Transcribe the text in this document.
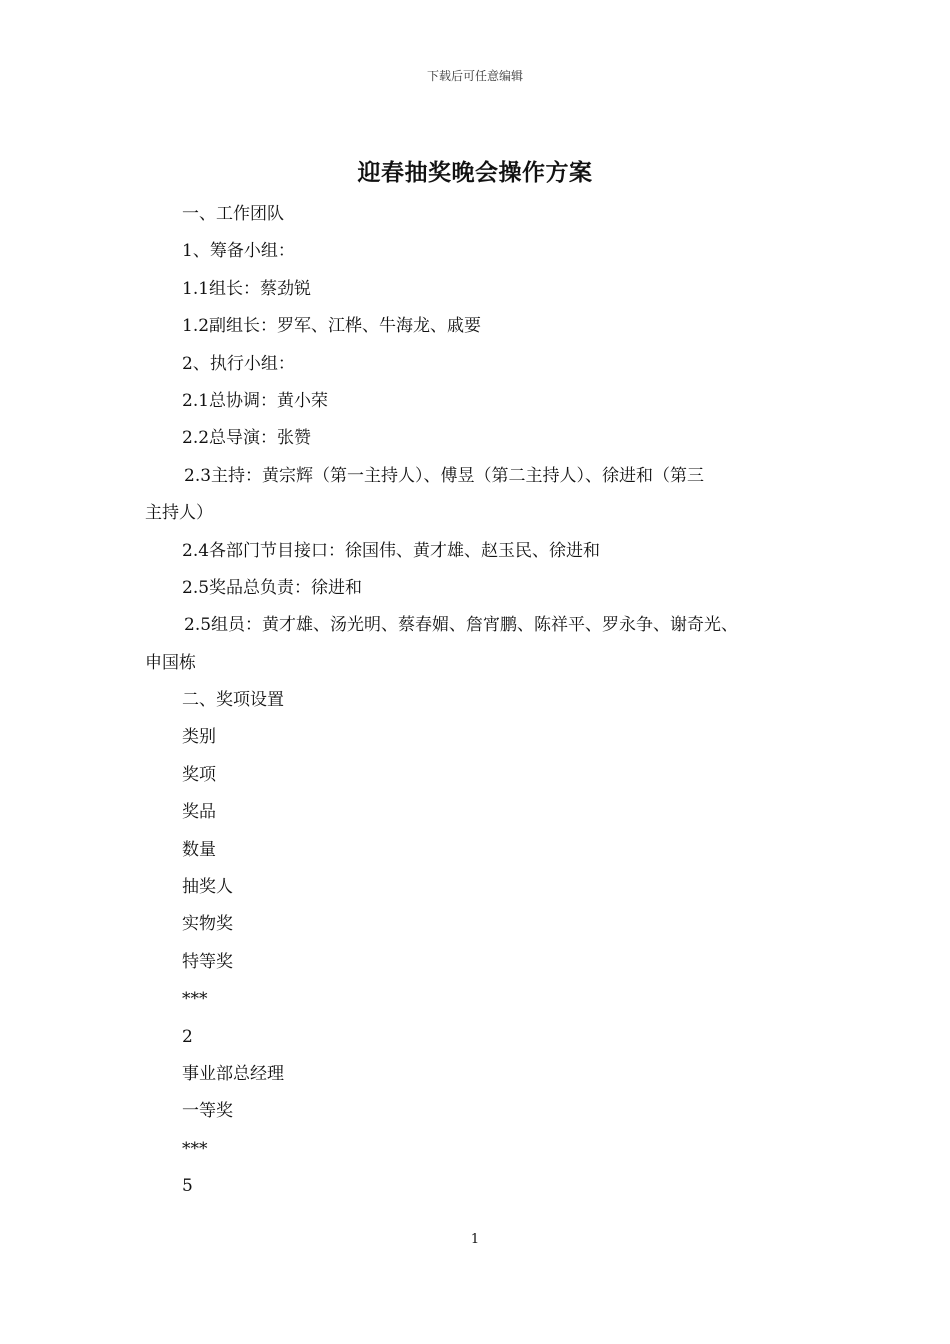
下载后可任意编辑
迎春抽奖晚会操作方案
一、工作团队
1、筹备小组：
1.1组长：蔡劲锐
1.2副组长：罗军、江桦、牛海龙、戚要
2、执行小组：
2.1总协调：黄小荣
2.2总导演：张赞
2.3主持：黄宗辉（第一主持人）、傅昱（第二主持人）、徐进和（第三
主持人）
2.4各部门节目接口：徐国伟、黄才雄、赵玉民、徐进和
2.5奖品总负责：徐进和
2.5组员：黄才雄、汤光明、蔡春媚、詹宵鹏、陈祥平、罗永争、谢奇光、
申国栋
二、奖项设置
类别
奖项
奖品
数量
抽奖人
实物奖
特等奖
***
2
事业部总经理
一等奖
***
5
1
